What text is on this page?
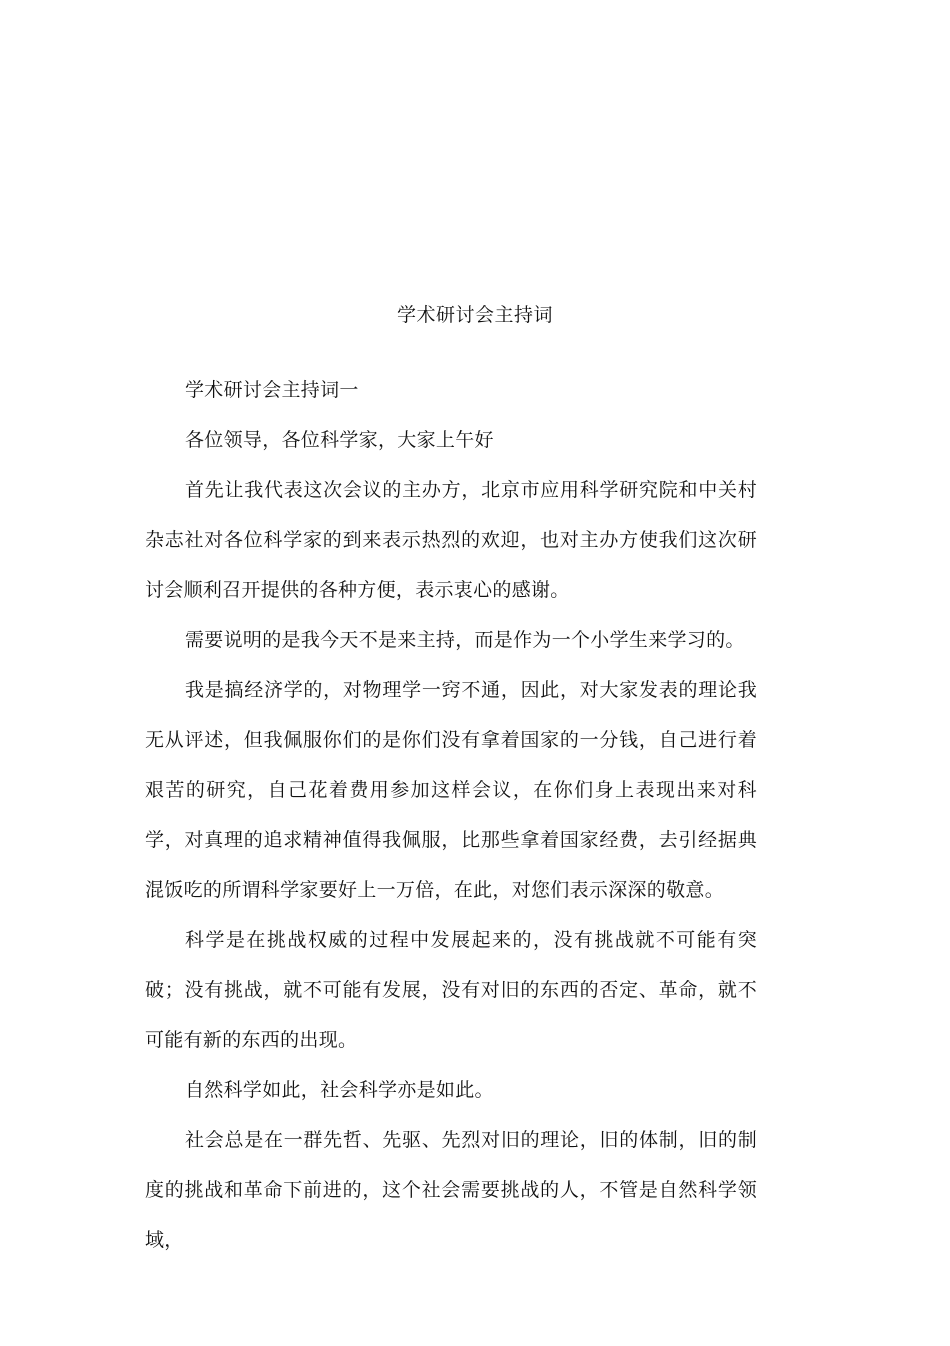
学术研讨会主持词

学术研讨会主持词一

各位领导，各位科学家，大家上午好

首先让我代表这次会议的主办方，北京市应用科学研究院和中关村杂志社对各位科学家的到来表示热烈的欢迎，也对主办方使我们这次研讨会顺利召开提供的各种方便，表示衷心的感谢。

需要说明的是我今天不是来主持，而是作为一个小学生来学习的。

我是搞经济学的，对物理学一窍不通，因此，对大家发表的理论我无从评述，但我佩服你们的是你们没有拿着国家的一分钱，自己进行着艰苦的研究，自己花着费用参加这样会议，在你们身上表现出来对科学，对真理的追求精神值得我佩服，比那些拿着国家经费，去引经据典混饭吃的所谓科学家要好上一万倍，在此，对您们表示深深的敬意。

科学是在挑战权威的过程中发展起来的，没有挑战就不可能有突破；没有挑战，就不可能有发展，没有对旧的东西的否定、革命，就不可能有新的东西的出现。

自然科学如此，社会科学亦是如此。

社会总是在一群先哲、先驱、先烈对旧的理论，旧的体制，旧的制度的挑战和革命下前进的，这个社会需要挑战的人，不管是自然科学领域，
